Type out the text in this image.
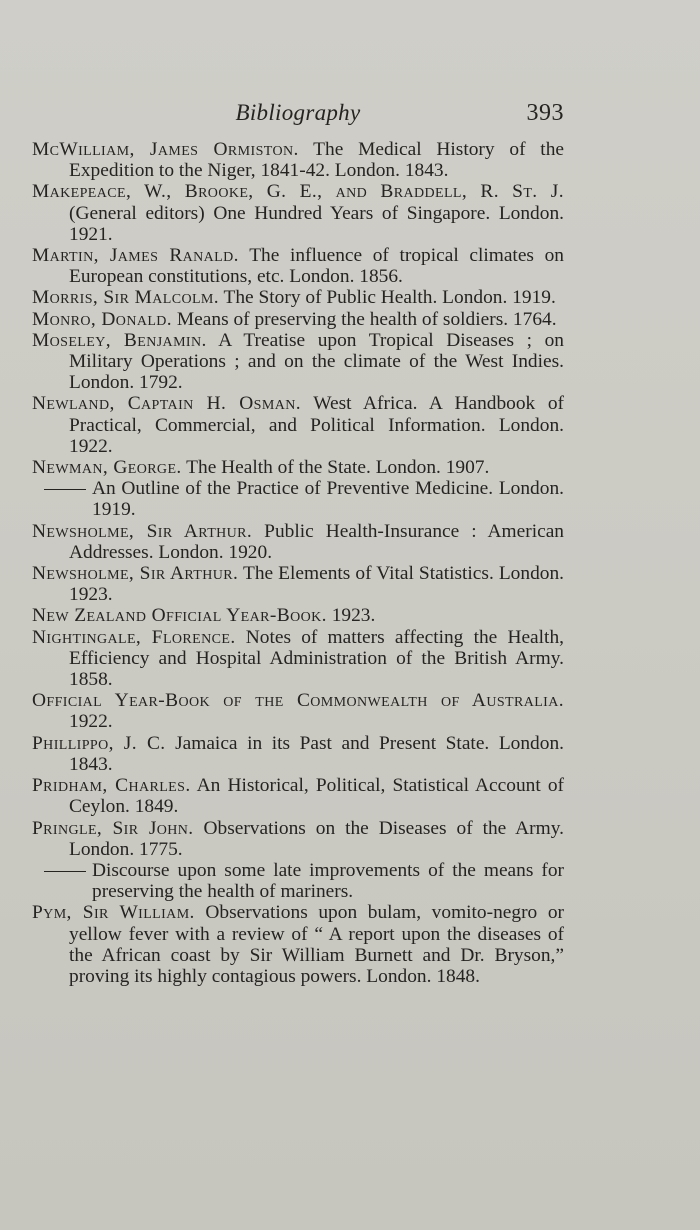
Bibliography	393

McWilliam, James Ormiston. The Medical History of the Expedition to the Niger, 1841-42. London. 1843.

Makepeace, W., Brooke, G. E., and Braddell, R. St. J. (General editors) One Hundred Years of Singapore. London. 1921.

Martin, James Ranald. The influence of tropical climates on European constitutions, etc. London. 1856.

Morris, Sir Malcolm. The Story of Public Health. London. 1919.

Monro, Donald. Means of preserving the health of soldiers. 1764.

Moseley, Benjamin. A Treatise upon Tropical Diseases ; on Military Operations ; and on the climate of the West Indies. London. 1792.

Newland, Captain H. Osman. West Africa. A Handbook of Practical, Commercial, and Political Information. London. 1922.

Newman, George. The Health of the State. London. 1907.

An Outline of the Practice of Preventive Medicine. London. 1919.

Newsholme, Sir Arthur. Public Health-Insurance : American Addresses. London. 1920.

Newsholme, Sir Arthur. The Elements of Vital Statistics. London. 1923.

New Zealand Official Year-Book. 1923.

Nightingale, Florence. Notes of matters affecting the Health, Efficiency and Hospital Administration of the British Army. 1858.

Official Year-Book of the Commonwealth of Australia. 1922.

Phillippo, J. C. Jamaica in its Past and Present State. London. 1843.

Pridham, Charles. An Historical, Political, Statistical Account of Ceylon. 1849.

Pringle, Sir John. Observations on the Diseases of the Army. London. 1775.

Discourse upon some late improvements of the means for preserving the health of mariners.

Pym, Sir William. Observations upon bulam, vomito-negro or yellow fever with a review of “ A report upon the diseases of the African coast by Sir William Burnett and Dr. Bryson,” proving its highly contagious powers. London. 1848.
